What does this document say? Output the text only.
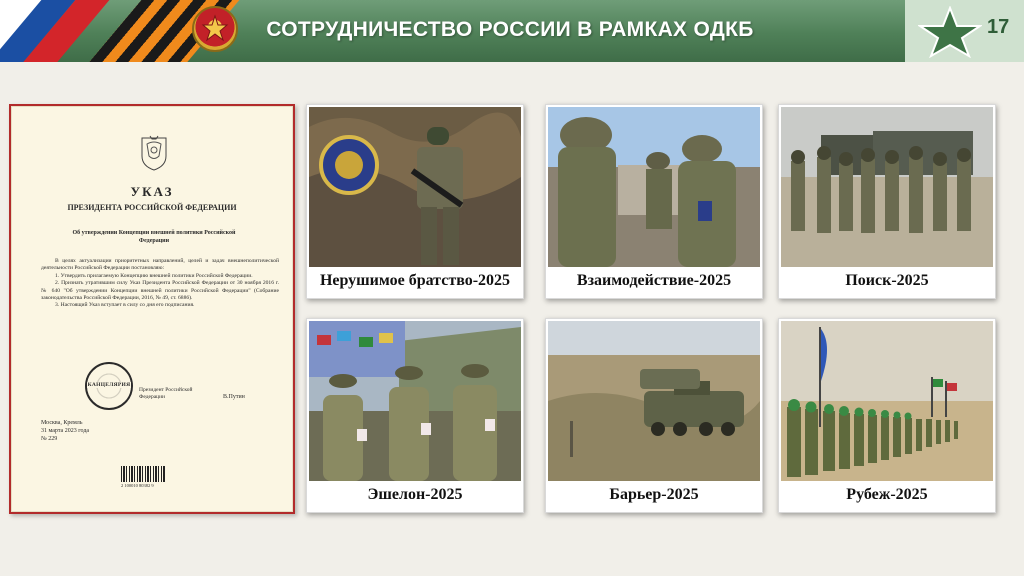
СОТРУДНИЧЕСТВО РОССИИ В РАМКАХ ОДКБ	17
УКАЗ
ПРЕЗИДЕНТА РОССИЙСКОЙ ФЕДЕРАЦИИ
Об утверждении Концепции внешней политики Российской Федерации

В целях актуализации приоритетных направлений, целей и задач внешнеполитической деятельности Российской Федерации постановляю:

1. Утвердить прилагаемую Концепцию внешней политики Российской Федерации.

2. Признать утратившим силу Указ Президента Российской Федерации от 30 ноября 2016 г. № 640 "Об утверждении Концепции внешней политики Российской Федерации" (Собрание законодательства Российской Федерации, 2016, № 49, ст. 6886).

3. Настоящий Указ вступает в силу со дня его подписания.

КАНЦЕЛЯРИЯ
Президент Российской Федерации	В.Путин
Москва, Кремль
31 марта 2023 года
№ 229
2 100010 80382 9
Нерушимое братство-2025	Взаимодействие-2025	Поиск-2025
Эшелон-2025	Барьер-2025	Рубеж-2025
